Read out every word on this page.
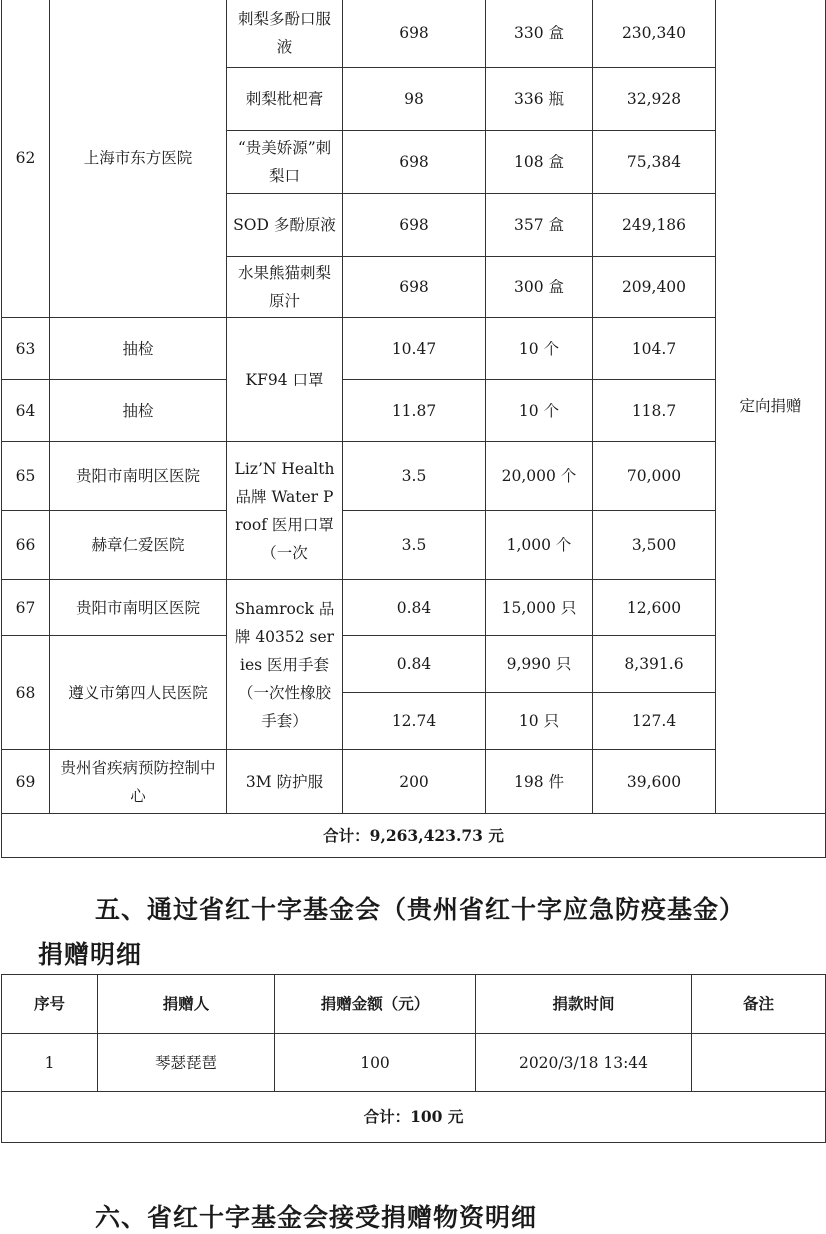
62	上海市东方医院	刺梨多酚口服液	698	330 盒	230,340	定向捐赠
		刺梨枇杷膏	98	336 瓶	32,928	
		“贵美娇源”刺梨口	698	108 盒	75,384	
		SOD 多酚原液	698	357 盒	249,186	
		水果熊猫刺梨原汁	698	300 盒	209,400	
63	抽检	KF94 口罩	10.47	10 个	104.7	
64	抽检		11.87	10 个	118.7	
65	贵阳市南明区医院	Liz’N Health 品牌 Water Proof 医用口罩（一次	3.5	20,000 个	70,000	
66	赫章仁爱医院		3.5	1,000 个	3,500	
67	贵阳市南明区医院	Shamrock 品牌 40352 series 医用手套（一次性橡胶手套）	0.84	15,000 只	12,600	
68	遵义市第四人民医院		0.84	9,990 只	8,391.6	
			12.74	10 只	127.4	
69	贵州省疾病预防控制中心	3M 防护服	200	198 件	39,600	
合计：9,263,423.73 元						
五、通过省红十字基金会（贵州省红十字应急防疫基金）
捐赠明细
序号	捐赠人	捐赠金额（元）	捐款时间	备注
1	琴瑟琵琶	100	2020/3/18 13:44	
合计：100 元				
六、省红十字基金会接受捐赠物资明细
